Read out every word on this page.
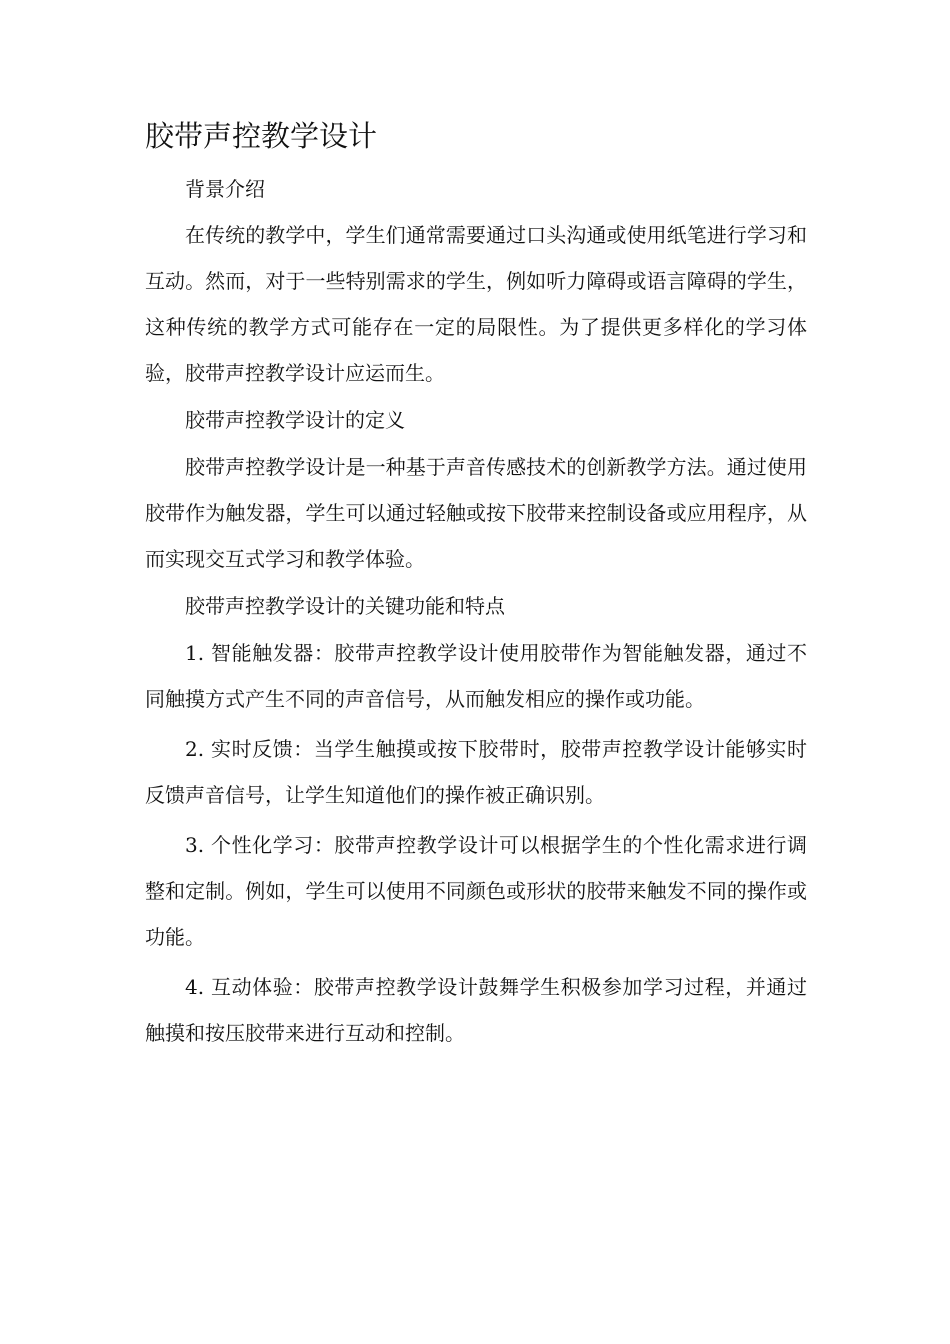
胶带声控教学设计

背景介绍

在传统的教学中，学生们通常需要通过口头沟通或使用纸笔进行学习和互动。然而，对于一些特别需求的学生，例如听力障碍或语言障碍的学生，这种传统的教学方式可能存在一定的局限性。为了提供更多样化的学习体验，胶带声控教学设计应运而生。

胶带声控教学设计的定义

胶带声控教学设计是一种基于声音传感技术的创新教学方法。通过使用胶带作为触发器，学生可以通过轻触或按下胶带来控制设备或应用程序，从而实现交互式学习和教学体验。

胶带声控教学设计的关键功能和特点

1. 智能触发器：胶带声控教学设计使用胶带作为智能触发器，通过不同触摸方式产生不同的声音信号，从而触发相应的操作或功能。

2. 实时反馈：当学生触摸或按下胶带时，胶带声控教学设计能够实时反馈声音信号，让学生知道他们的操作被正确识别。

3. 个性化学习：胶带声控教学设计可以根据学生的个性化需求进行调整和定制。例如，学生可以使用不同颜色或形状的胶带来触发不同的操作或功能。

4. 互动体验：胶带声控教学设计鼓舞学生积极参加学习过程，并通过触摸和按压胶带来进行互动和控制。
